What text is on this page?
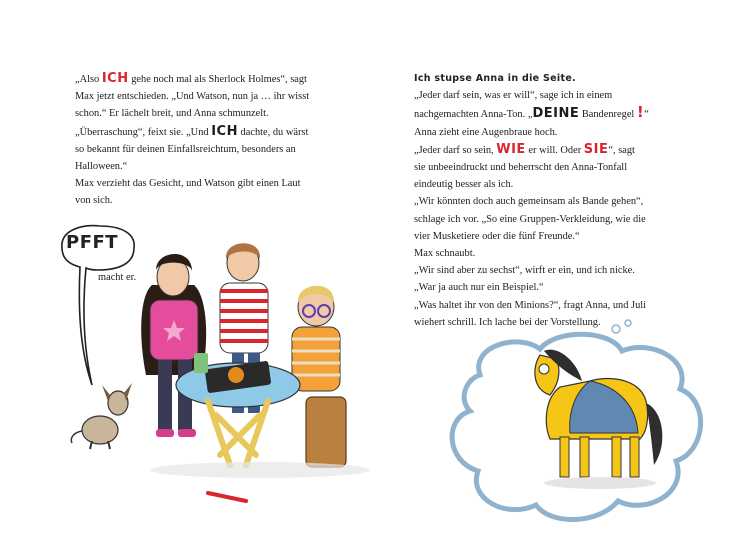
„Also ICH gehe noch mal als Sherlock Holmes“, sagt

Max jetzt entschieden. „Und Watson, nun ja … ihr wisst

schon.“ Er lächelt breit, und Anna schmunzelt.

„Überraschung“, feixt sie. „Und ICH dachte, du wärst

so bekannt für deinen Einfallsreichtum, besonders an

Halloween.“

Max verzieht das Gesicht, und Watson gibt einen Laut

von sich.

Ich stupse Anna in die Seite.

„Jeder darf sein, was er will“, sage ich in einem

nachgemachten Anna-Ton. „DEINE Bandenregel !“

Anna zieht eine Augenbraue hoch.

„Jeder darf so sein, WIE er will. Oder SIE“, sagt

sie unbeeindruckt und beherrscht den Anna-Tonfall

eindeutig besser als ich.

„Wir könnten doch auch gemeinsam als Bande gehen“,

schlage ich vor. „So eine Gruppen-Verkleidung, wie die

vier Musketiere oder die fünf Freunde.“

Max schnaubt.

„Wir sind aber zu sechst“, wirft er ein, und ich nicke.

„War ja auch nur ein Beispiel.“

„Was haltet ihr von den Minions?“, fragt Anna, und Juli

wiehert schrill. Ich lache bei der Vorstellung.

PFFT
macht er.
